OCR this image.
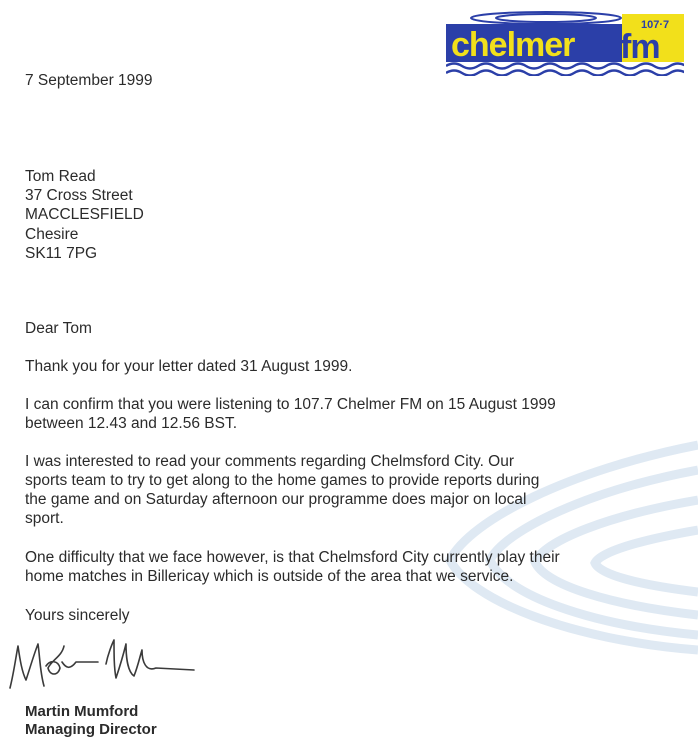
107·7
chelmer fm
7 September 1999
Tom Read
37 Cross Street
MACCLESFIELD
Chesire
SK11 7PG
Dear Tom
Thank you for your letter dated 31 August 1999.
I can confirm that you were listening to 107.7 Chelmer FM on 15 August 1999
between 12.43 and 12.56 BST.
I was interested to read your comments regarding Chelmsford City. Our
sports team to try to get along to the home games to provide reports during
the game and on Saturday afternoon our programme does major on local
sport.
One difficulty that we face however, is that Chelmsford City currently play their
home matches in Billericay which is outside of the area that we service.
Yours sincerely
Martin Mumford
Managing Director
